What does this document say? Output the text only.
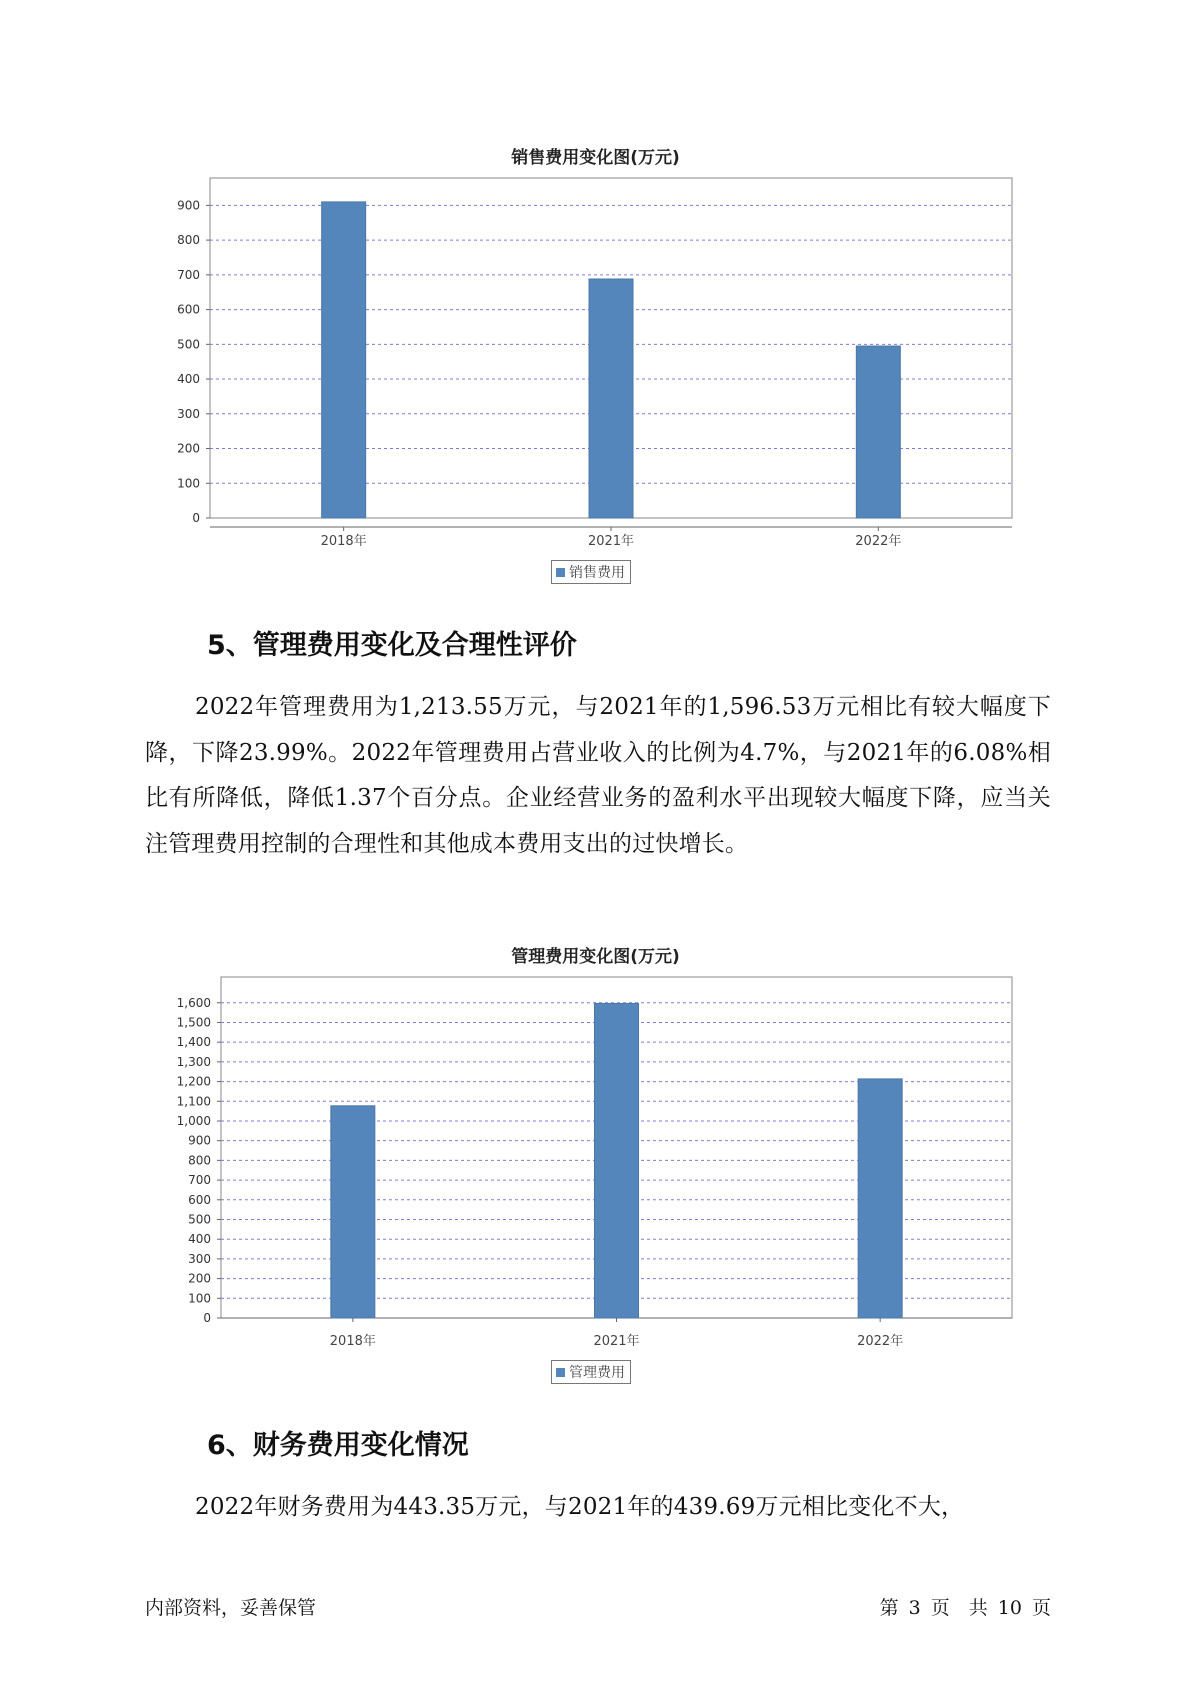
销售费用变化图(万元)
0
100
200
300
400
500
600
700
800
900
2018年	2021年	2022年
销售费用
5、管理费用变化及合理性评价
2022年管理费用为1,213.55万元，与2021年的1,596.53万元相比有较大幅度下降，下降23.99%。2022年管理费用占营业收入的比例为4.7%，与2021年的6.08%相比有所降低，降低1.37个百分点。企业经营业务的盈利水平出现较大幅度下降，应当关注管理费用控制的合理性和其他成本费用支出的过快增长。
管理费用变化图(万元)
0
100
200
300
400
500
600
700
800
900
1,000
1,100
1,200
1,300
1,400
1,500
1,600
2018年	2021年	2022年
管理费用
6、财务费用变化情况
2022年财务费用为443.35万元，与2021年的439.69万元相比变化不大，
内部资料，妥善保管	第 3 页　共 10 页
